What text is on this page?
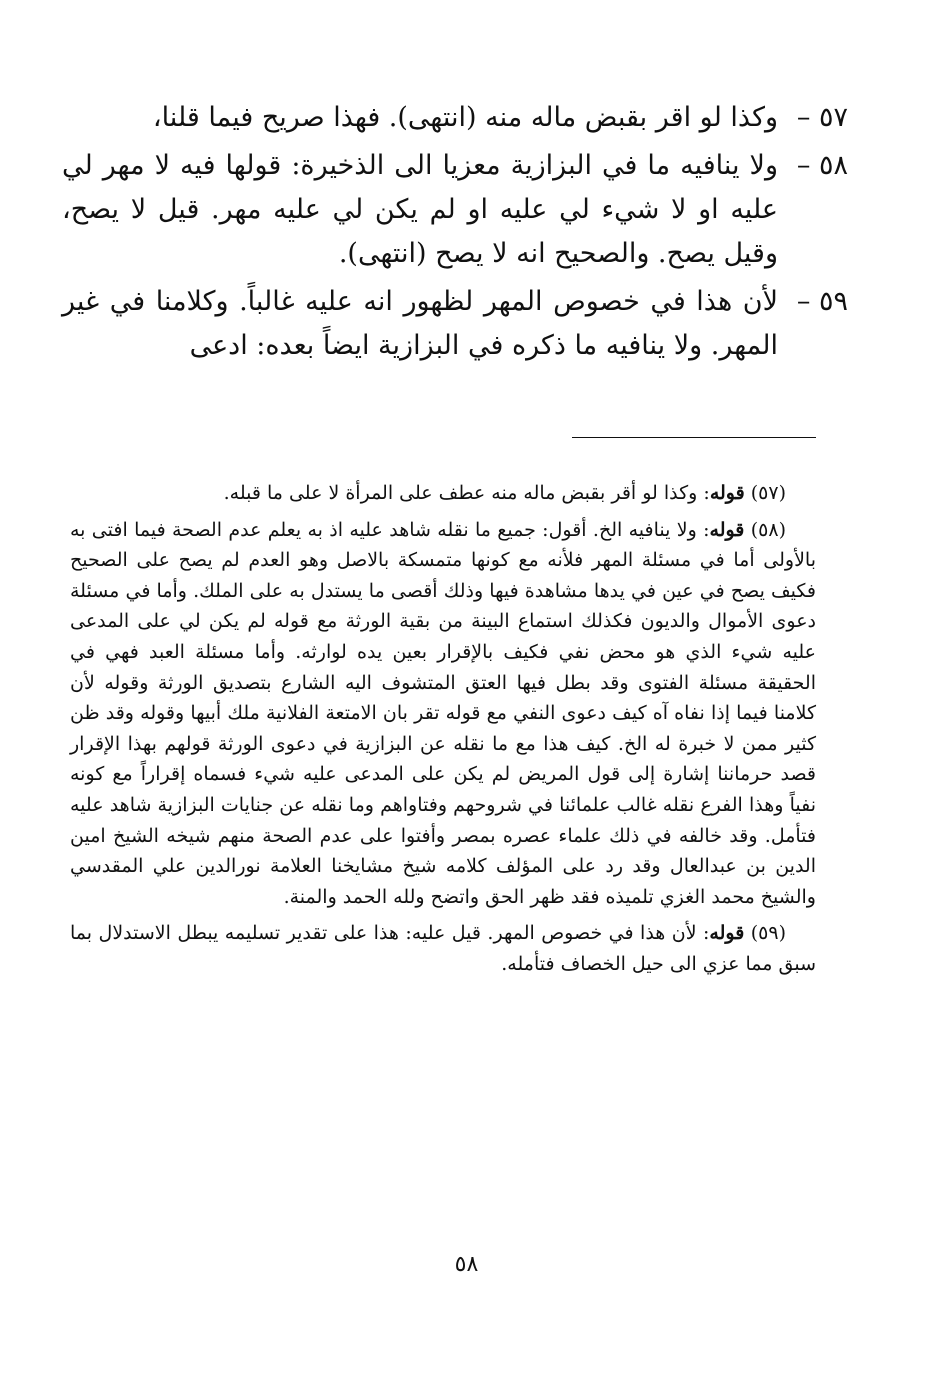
٥٧ –
وكذا لو اقر بقبض ماله منه (انتهى). فهذا صريح فيما قلنا،
٥٨ –
ولا ينافيه ما في البزازية معزيا الى الذخيرة: قولها فيه لا مهر لي عليه او لا شيء لي عليه او لم يكن لي عليه مهر. قيل لا يصح، وقيل يصح. والصحيح انه لا يصح (انتهى).
٥٩ –
لأن هذا في خصوص المهر لظهور انه عليه غالباً. وكلامنا في غير المهر. ولا ينافيه ما ذكره في البزازية ايضاً بعده: ادعى

(٥٧) قوله: وكذا لو أقر بقبض ماله منه عطف على المرأة لا على ما قبله.

(٥٨) قوله: ولا ينافيه الخ. أقول: جميع ما نقله شاهد عليه اذ به يعلم عدم الصحة فيما افتى به بالأولى أما في مسئلة المهر فلأنه مع كونها متمسكة بالاصل وهو العدم لم يصح على الصحيح فكيف يصح في عين في يدها مشاهدة فيها وذلك أقصى ما يستدل به على الملك. وأما في مسئلة دعوى الأموال والديون فكذلك استماع البينة من بقية الورثة مع قوله لم يكن لي على المدعى عليه شيء الذي هو محض نفي فكيف بالإقرار بعين يده لوارثه. وأما مسئلة العبد فهي في الحقيقة مسئلة الفتوى وقد بطل فيها العتق المتشوف اليه الشارع بتصديق الورثة وقوله لأن كلامنا فيما إذا نفاه آه كيف دعوى النفي مع قوله تقر بان الامتعة الفلانية ملك أبيها وقوله وقد ظن كثير ممن لا خبرة له الخ. كيف هذا مع ما نقله عن البزازية في دعوى الورثة قولهم بهذا الإقرار قصد حرماننا إشارة إلى قول المريض لم يكن على المدعى عليه شيء فسماه إقراراً مع كونه نفياً وهذا الفرع نقله غالب علمائنا في شروحهم وفتاواهم وما نقله عن جنايات البزازية شاهد عليه فتأمل. وقد خالفه في ذلك علماء عصره بمصر وأفتوا على عدم الصحة منهم شيخه الشيخ امين الدين بن عبدالعال وقد رد على المؤلف كلامه شيخ مشايخنا العلامة نورالدين علي المقدسي والشيخ محمد الغزي تلميذه فقد ظهر الحق واتضح ولله الحمد والمنة.

(٥٩) قوله: لأن هذا في خصوص المهر. قيل عليه: هذا على تقدير تسليمه يبطل الاستدلال بما سبق مما عزي الى حيل الخصاف فتأمله.

٥٨
